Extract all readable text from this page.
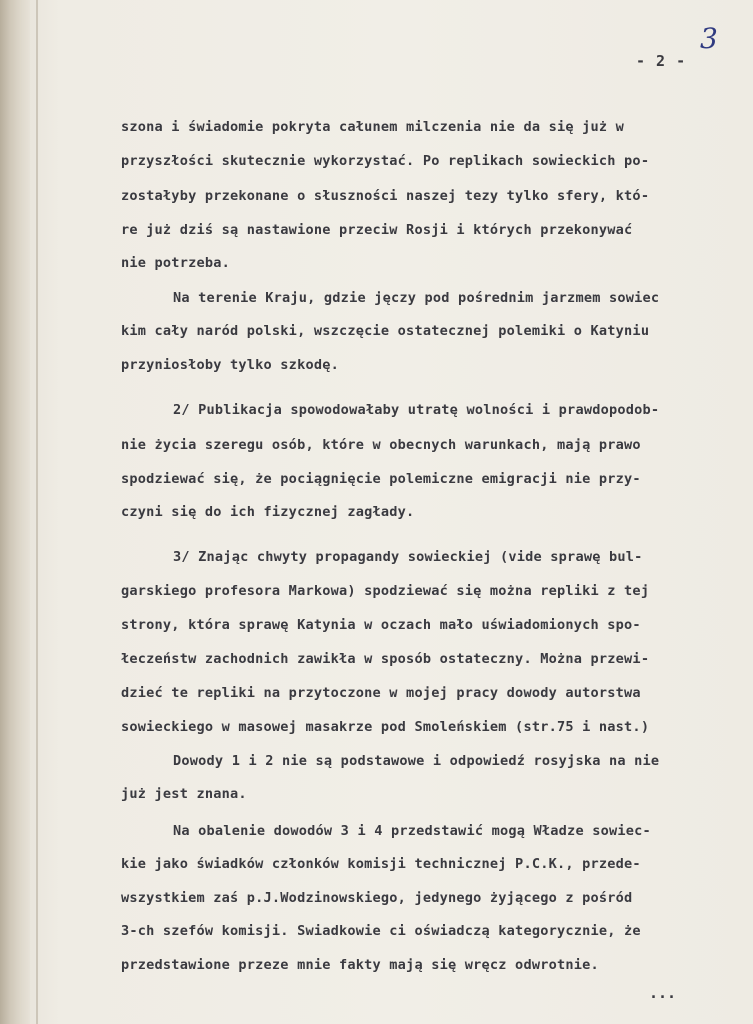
3
- 2 -
szona i świadomie pokryta całunem milczenia nie da się już w
przyszłości skutecznie wykorzystać. Po replikach sowieckich po-
zostałyby przekonane o słuszności naszej tezy tylko sfery, któ-
re już dziś są nastawione przeciw Rosji i których przekonywać
nie potrzeba.
Na terenie Kraju, gdzie jęczy pod pośrednim jarzmem sowiec
kim cały naród polski, wszczęcie ostatecznej polemiki o Katyniu
przyniosłoby tylko szkodę.
2/ Publikacja spowodowałaby utratę wolności i prawdopodob-
nie życia szeregu osób, które w obecnych warunkach, mają prawo
spodziewać się, że pociągnięcie polemiczne emigracji nie przy-
czyni się do ich fizycznej zagłady.
3/ Znając chwyty propagandy sowieckiej (vide sprawę bul-
garskiego profesora Markowa) spodziewać się można repliki z tej
strony, która sprawę Katynia w oczach mało uświadomionych spo-
łeczeństw zachodnich zawikła w sposób ostateczny. Można przewi-
dzieć te repliki na przytoczone w mojej pracy dowody autorstwa
sowieckiego w masowej masakrze pod Smoleńskiem (str.75 i nast.)
Dowody 1 i 2 nie są podstawowe i odpowiedź rosyjska na nie
już jest znana.
Na obalenie dowodów 3 i 4 przedstawić mogą Władze sowiec-
kie jako świadków członków komisji technicznej P.C.K., przede-
wszystkiem zaś p.J.Wodzinowskiego, jedynego żyjącego z pośród
3-ch szefów komisji. Swiadkowie ci oświadczą kategorycznie, że
przedstawione przeze mnie fakty mają się wręcz odwrotnie.
...
